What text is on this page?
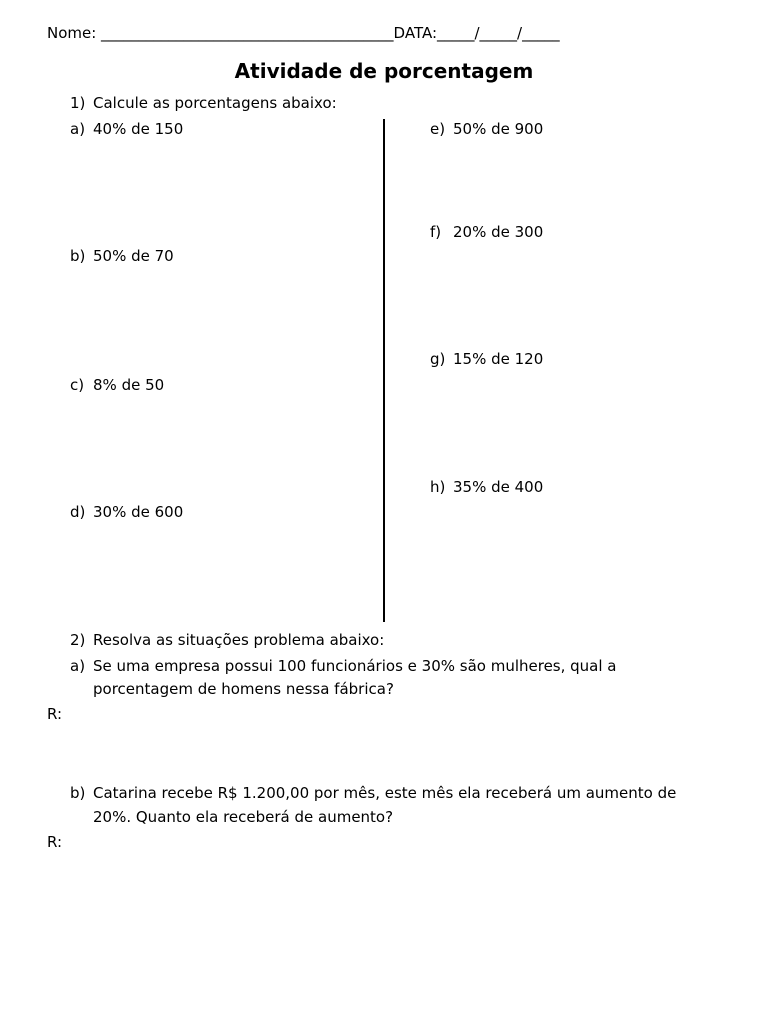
Nome: _______________________________________DATA:_____/_____/_____
Atividade de porcentagem
1) Calcule as porcentagens abaixo:
a) 40% de 150
b) 50% de 70
c) 8% de 50
d) 30% de 600
e) 50% de 900
f) 20% de 300
g) 15% de 120
h) 35% de 400
2) Resolva as situações problema abaixo:
a) Se uma empresa possui 100 funcionários e 30% são mulheres, qual a
porcentagem de homens nessa fábrica?
R:
b) Catarina recebe R$ 1.200,00 por mês, este mês ela receberá um aumento de
20%. Quanto ela receberá de aumento?
R:
